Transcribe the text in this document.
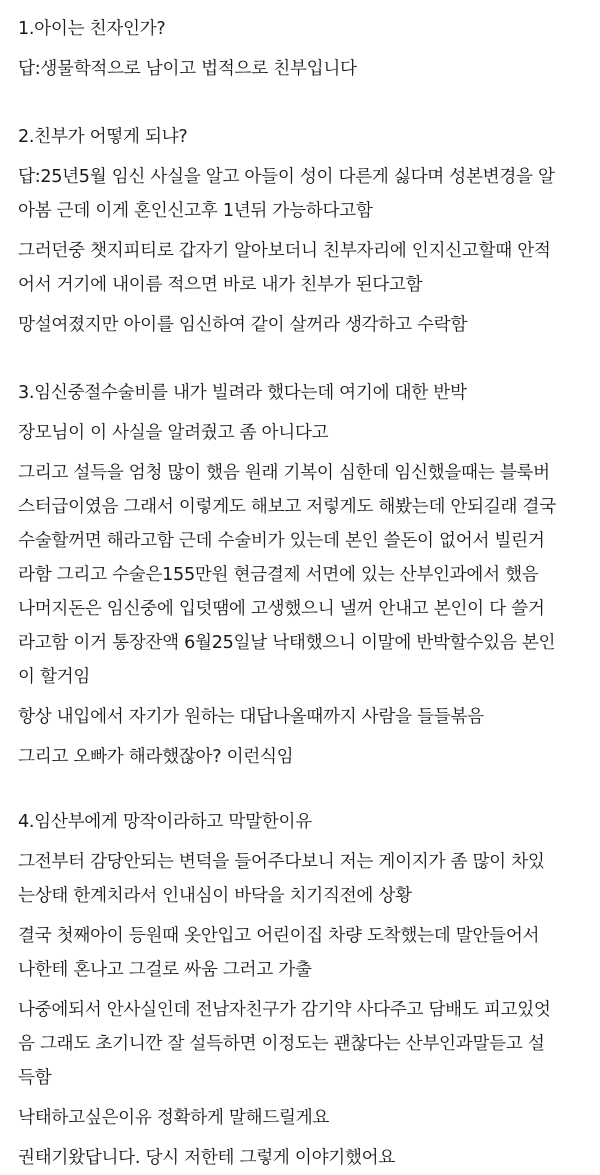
1.아이는 친자인가?

답:생물학적으로 남이고 법적으로 친부입니다

2.친부가 어떻게 되냐?

답:25년5월 임신 사실을 알고 아들이 성이 다른게 싫다며 성본변경을 알
아봄 근데 이게 혼인신고후 1년뒤 가능하다고함

그러던중 챗지피티로 갑자기 알아보더니 친부자리에 인지신고할때 안적
어서 거기에 내이름 적으면 바로 내가 친부가 된다고함

망설여졌지만 아이를 임신하여 같이 살꺼라 생각하고 수락함

3.임신중절수술비를 내가 빌려라 했다는데 여기에 대한 반박

장모님이 이 사실을 알려줬고 좀 아니다고

그리고 설득을 엄청 많이 했음 원래 기복이 심한데 임신했을때는 블룩버
스터급이였음 그래서 이렇게도 해보고 저렇게도 해봤는데 안되길래 결국
수술할꺼면 해라고함 근데 수술비가 있는데 본인 쓸돈이 없어서 빌린거
라함 그리고 수술은155만원 현금결제 서면에 있는 산부인과에서 했음
나머지돈은 임신중에 입덧땜에 고생했으니 낼꺼 안내고 본인이 다 쓸거
라고함 이거 통장잔액 6월25일날 낙태했으니 이말에 반박할수있음 본인
이 할거임

항상 내입에서 자기가 원하는 대답나올때까지 사람을 들들볶음

그리고 오빠가 해라했잖아? 이런식임

4.임산부에게 망작이라하고 막말한이유

그전부터 감당안되는 변덕을 들어주다보니 저는 게이지가 좀 많이 차있
는상태 한계치라서 인내심이 바닥을 치기직전에 상황

결국 첫째아이 등원때 옷안입고 어린이집 차량 도착했는데 말안들어서
나한테 혼나고 그걸로 싸움 그러고 가출

나중에되서 안사실인데 전남자친구가 감기약 사다주고 담배도 피고있엇
음 그래도 초기니깐 잘 설득하면 이정도는 괜찮다는 산부인과말듣고 설
득함

낙태하고싶은이유 정확하게 말해드릴게요

권태기왔답니다. 당시 저한테 그렇게 이야기했어요
